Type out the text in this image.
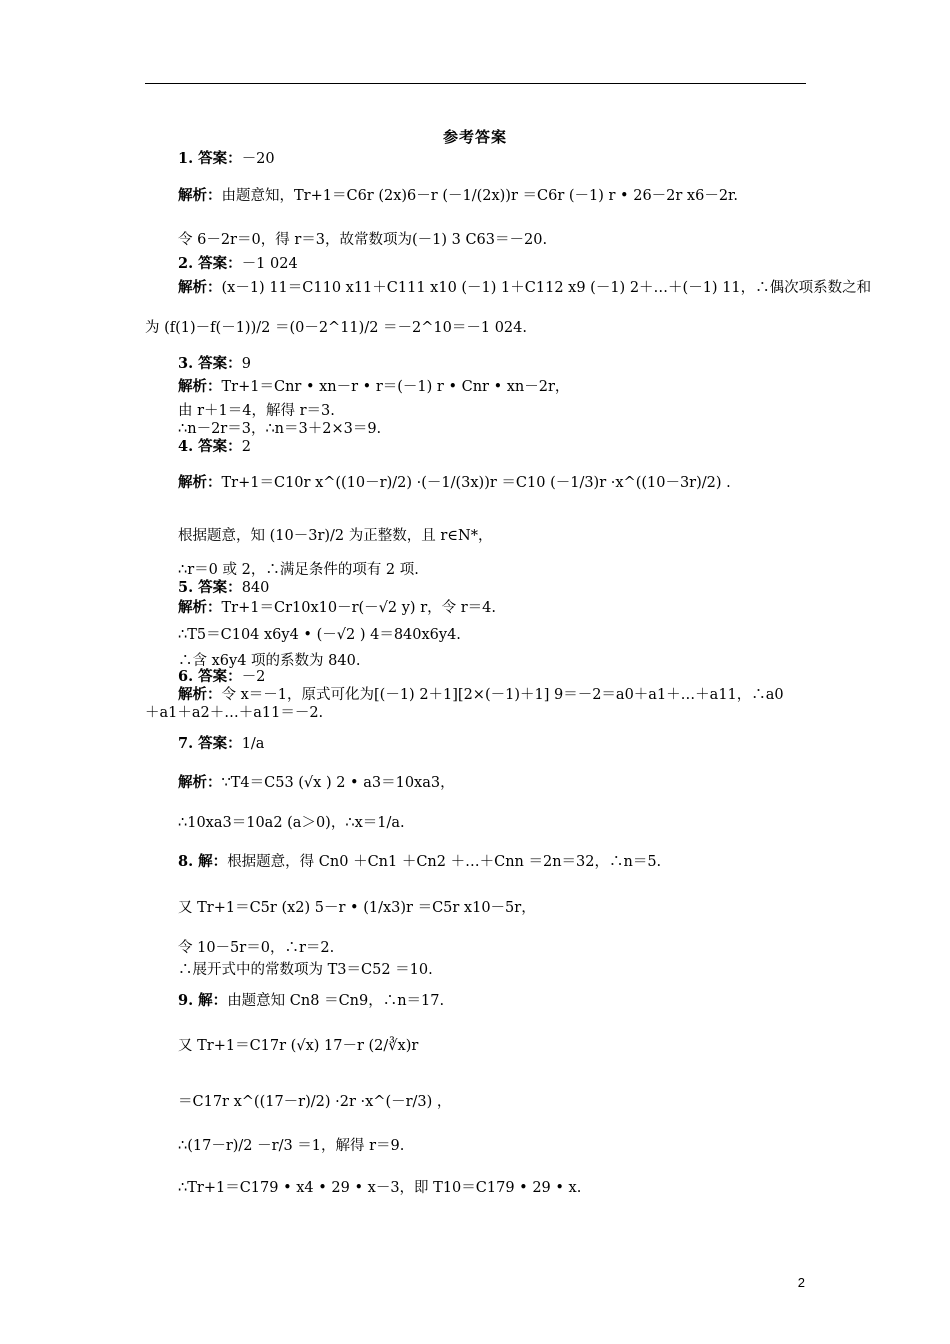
参考答案
1. 答案：－20
解析：由题意知，Tr+1＝C6r (2x)6－r (－1/(2x))r ＝C6r (－1) r • 26－2r x6－2r.
令 6－2r＝0，得 r＝3，故常数项为(－1) 3 C63＝－20.
2. 答案：－1 024
解析：(x－1) 11＝C110 x11＋C111 x10 (－1) 1＋C112 x9 (－1) 2＋…＋(－1) 11，∴偶次项系数之和
为 (f(1)－f(－1))/2 ＝(0－2^11)/2 ＝－2^10＝－1 024.
3. 答案：9
解析：Tr+1＝Cnr • xn－r • r＝(－1) r • Cnr • xn－2r，
由 r＋1＝4，解得 r＝3.
∴n－2r＝3，∴n＝3＋2×3＝9.
4. 答案：2
解析：Tr+1＝C10r x^((10－r)/2) ·(－1/(3x))r ＝C10 (－1/3)r ·x^((10－3r)/2) .
根据题意，知 (10－3r)/2 为正整数，且 r∈N*，
∴r＝0 或 2，∴满足条件的项有 2 项.
5. 答案：840
解析：Tr+1＝Cr10x10－r(－√2 y) r，令 r＝4.
∴T5＝C104 x6y4 • (－√2 ) 4＝840x6y4.
∴含 x6y4 项的系数为 840.
6. 答案：－2
解析：令 x＝－1，原式可化为[(－1) 2＋1][2×(－1)＋1] 9＝－2＝a0＋a1＋…＋a11，∴a0
＋a1＋a2＋…＋a11＝－2.
7. 答案：1/a
解析：∵T4＝C53 (√x ) 2 • a3＝10xa3，
∴10xa3＝10a2 (a＞0)，∴x＝1/a.
8. 解：根据题意，得 Cn0 ＋Cn1 ＋Cn2 ＋…＋Cnn ＝2n＝32，∴n＝5.
又 Tr+1＝C5r (x2) 5－r • (1/x3)r ＝C5r x10－5r，
令 10－5r＝0，∴r＝2.
∴展开式中的常数项为 T3＝C52 ＝10.
9. 解：由题意知 Cn8 ＝Cn9，∴n＝17.
又 Tr+1＝C17r (√x) 17－r (2/∛x)r
＝C17r x^((17－r)/2) ·2r ·x^(－r/3) ，
∴(17－r)/2 －r/3 ＝1，解得 r＝9.
∴Tr+1＝C179 • x4 • 29 • x－3，即 T10＝C179 • 29 • x.
2
